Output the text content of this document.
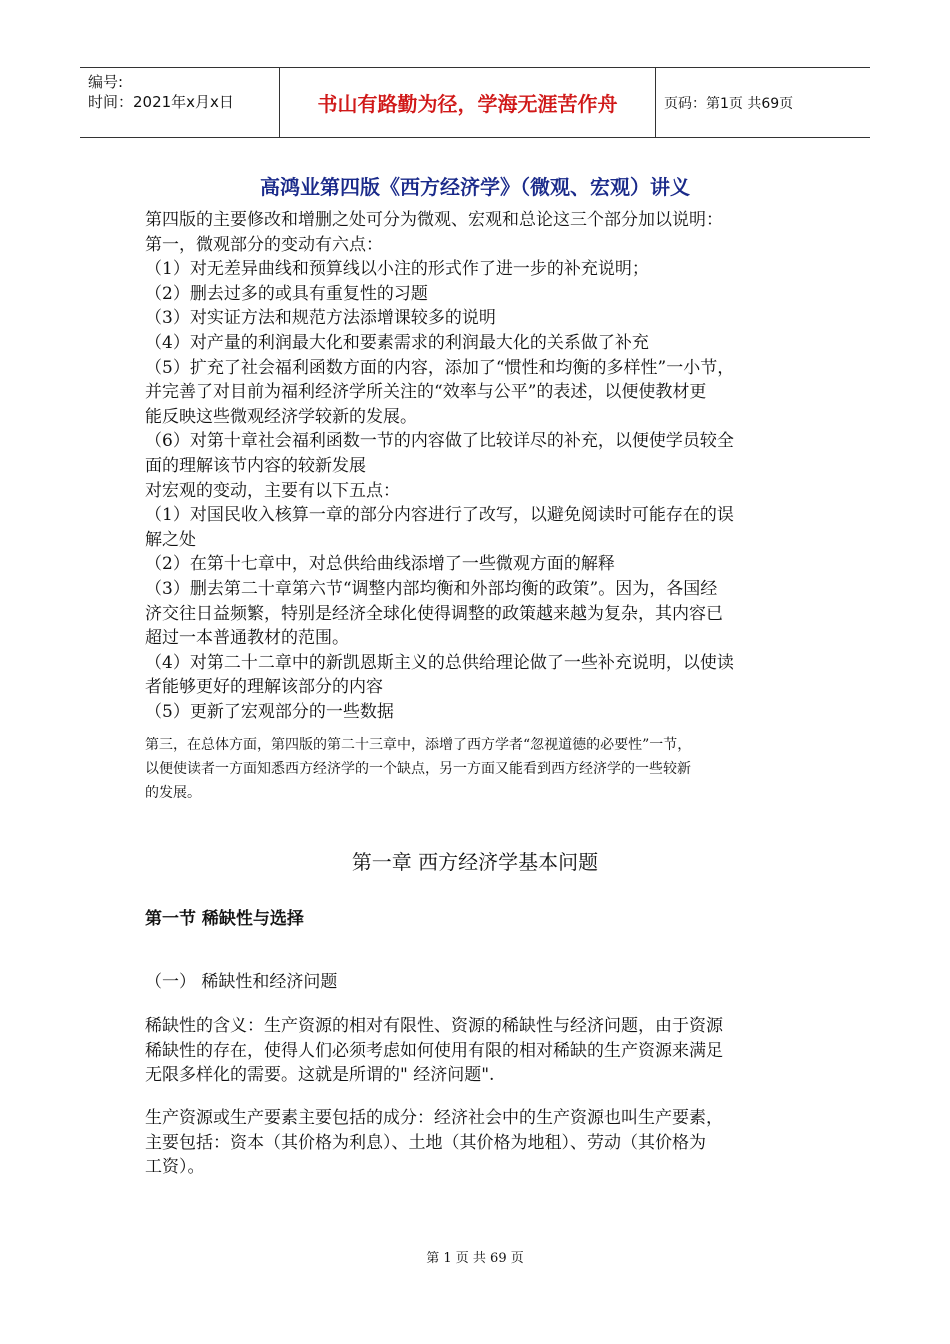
编号:
时间：2021年x月x日	书山有路勤为径，学海无涯苦作舟	页码：第1页 共69页
高鸿业第四版《西方经济学》（微观、宏观）讲义

第四版的主要修改和增删之处可分为微观、宏观和总论这三个部分加以说明：

第一，微观部分的变动有六点：

（1）对无差异曲线和预算线以小注的形式作了进一步的补充说明；

（2）删去过多的或具有重复性的习题

（3）对实证方法和规范方法添增课较多的说明

（4）对产量的利润最大化和要素需求的利润最大化的关系做了补充

（5）扩充了社会福利函数方面的内容，添加了“惯性和均衡的多样性”一小节，

并完善了对目前为福利经济学所关注的“效率与公平”的表述，以便使教材更

能反映这些微观经济学较新的发展。

（6）对第十章社会福利函数一节的内容做了比较详尽的补充，以便使学员较全

面的理解该节内容的较新发展

对宏观的变动，主要有以下五点：

（1）对国民收入核算一章的部分内容进行了改写，以避免阅读时可能存在的误

解之处

（2）在第十七章中，对总供给曲线添增了一些微观方面的解释

（3）删去第二十章第六节“调整内部均衡和外部均衡的政策”。因为，各国经

济交往日益频繁，特别是经济全球化使得调整的政策越来越为复杂，其内容已

超过一本普通教材的范围。

（4）对第二十二章中的新凯恩斯主义的总供给理论做了一些补充说明，以使读

者能够更好的理解该部分的内容

（5）更新了宏观部分的一些数据

第三，在总体方面，第四版的第二十三章中，添增了西方学者“忽视道德的必要性”一节，

以便使读者一方面知悉西方经济学的一个缺点，另一方面又能看到西方经济学的一些较新

的发展。

第一章 西方经济学基本问题
第一节 稀缺性与选择
（一） 稀缺性和经济问题

稀缺性的含义：生产资源的相对有限性、资源的稀缺性与经济问题，由于资源

稀缺性的存在，使得人们必须考虑如何使用有限的相对稀缺的生产资源来满足

无限多样化的需要。这就是所谓的" 经济问题".

生产资源或生产要素主要包括的成分：经济社会中的生产资源也叫生产要素，

主要包括：资本（其价格为利息）、土地（其价格为地租）、劳动（其价格为

工资）。

第 1 页 共 69 页
